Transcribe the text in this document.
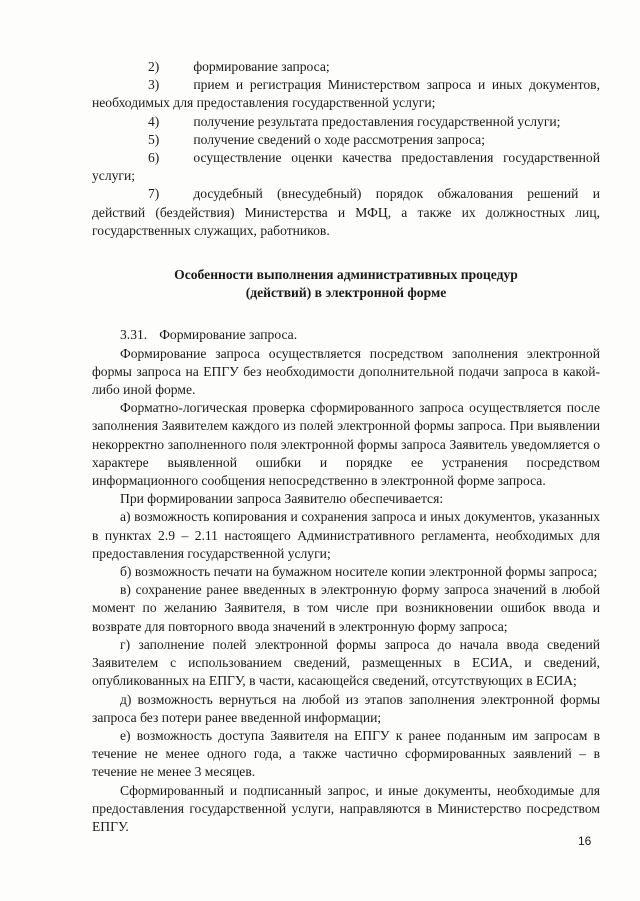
2)	формирование запроса;

3)	прием и регистрация Министерством запроса и иных документов, необходимых для предоставления государственной услуги;

4)	получение результата предоставления государственной услуги;

5)	получение сведений о ходе рассмотрения запроса;

6)	осуществление оценки качества предоставления государственной услуги;

7)	досудебный (внесудебный) порядок обжалования решений и действий (бездействия) Министерства и МФЦ, а также их должностных лиц, государственных служащих, работников.

Особенности выполнения административных процедур
(действий) в электронной форме

3.31. Формирование запроса.

Формирование запроса осуществляется посредством заполнения электронной формы запроса на ЕПГУ без необходимости дополнительной подачи запроса в какой-либо иной форме.

Форматно-логическая проверка сформированного запроса осуществляется после заполнения Заявителем каждого из полей электронной формы запроса. При выявлении некорректно заполненного поля электронной формы запроса Заявитель уведомляется о характере выявленной ошибки и порядке ее устранения посредством информационного сообщения непосредственно в электронной форме запроса.

При формировании запроса Заявителю обеспечивается:

а) возможность копирования и сохранения запроса и иных документов, указанных в пунктах 2.9 – 2.11 настоящего Административного регламента, необходимых для предоставления государственной услуги;

б) возможность печати на бумажном носителе копии электронной формы запроса;

в) сохранение ранее введенных в электронную форму запроса значений в любой момент по желанию Заявителя, в том числе при возникновении ошибок ввода и возврате для повторного ввода значений в электронную форму запроса;

г) заполнение полей электронной формы запроса до начала ввода сведений Заявителем с использованием сведений, размещенных в ЕСИА, и сведений, опубликованных на ЕПГУ, в части, касающейся сведений, отсутствующих в ЕСИА;

д) возможность вернуться на любой из этапов заполнения электронной формы запроса без потери ранее введенной информации;

е) возможность доступа Заявителя на ЕПГУ к ранее поданным им запросам в течение не менее одного года, а также частично сформированных заявлений – в течение не менее 3 месяцев.

Сформированный и подписанный запрос, и иные документы, необходимые для предоставления государственной услуги, направляются в Министерство посредством ЕПГУ.

16
